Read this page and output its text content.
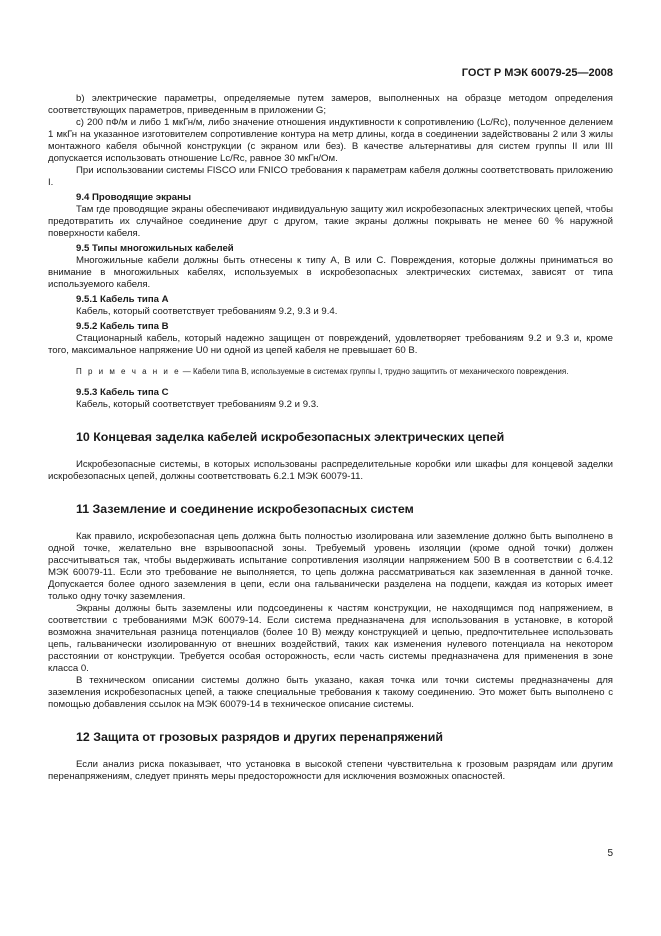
ГОСТ Р МЭК 60079-25—2008

b) электрические параметры, определяемые путем замеров, выполненных на образце методом определения соответствующих параметров, приведенным в приложении G;

c) 200 пФ/м и либо 1 мкГн/м, либо значение отношения индуктивности к сопротивлению (Lc/Rc), полученное делением 1 мкГн на указанное изготовителем сопротивление контура на метр длины, когда в соединении задействованы 2 или 3 жилы монтажного кабеля обычной конструкции (с экраном или без). В качестве альтернативы для систем группы II или III допускается использовать отношение Lc/Rc, равное 30 мкГн/Ом.

При использовании системы FISCO или FNICO требования к параметрам кабеля должны соответствовать приложению I.

9.4 Проводящие экраны

Там где проводящие экраны обеспечивают индивидуальную защиту жил искробезопасных электрических цепей, чтобы предотвратить их случайное соединение друг с другом, такие экраны должны покрывать не менее 60 % наружной поверхности кабеля.

9.5 Типы многожильных кабелей

Многожильные кабели должны быть отнесены к типу A, B или C. Повреждения, которые должны приниматься во внимание в многожильных кабелях, используемых в искробезопасных электрических системах, зависят от типа используемого кабеля.

9.5.1 Кабель типа A

Кабель, который соответствует требованиям 9.2, 9.3 и 9.4.

9.5.2 Кабель типа B

Стационарный кабель, который надежно защищен от повреждений, удовлетворяет требованиям 9.2 и 9.3 и, кроме того, максимальное напряжение U0 ни одной из цепей кабеля не превышает 60 В.

П р и м е ч а н и е — Кабели типа B, используемые в системах группы I, трудно защитить от механического повреждения.
9.5.3 Кабель типа C

Кабель, который соответствует требованиям 9.2 и 9.3.

10 Концевая заделка кабелей искробезопасных электрических цепей

Искробезопасные системы, в которых использованы распределительные коробки или шкафы для концевой заделки искробезопасных цепей, должны соответствовать 6.2.1 МЭК 60079-11.

11 Заземление и соединение искробезопасных систем

Как правило, искробезопасная цепь должна быть полностью изолирована или заземление должно быть выполнено в одной точке, желательно вне взрывоопасной зоны. Требуемый уровень изоляции (кроме одной точки) должен рассчитываться так, чтобы выдерживать испытание сопротивления изоляции напряжением 500 В в соответствии с 6.4.12 МЭК 60079-11. Если это требование не выполняется, то цепь должна рассматриваться как заземленная в данной точке. Допускается более одного заземления в цепи, если она гальванически разделена на подцепи, каждая из которых имеет только одну точку заземления.

Экраны должны быть заземлены или подсоединены к частям конструкции, не находящимся под напряжением, в соответствии с требованиями МЭК 60079-14. Если система предназначена для использования в установке, в которой возможна значительная разница потенциалов (более 10 В) между конструкцией и цепью, предпочтительнее использовать цепь, гальванически изолированную от внешних воздействий, таких как изменения нулевого потенциала на некотором расстоянии от конструкции. Требуется особая осторожность, если часть системы предназначена для применения в зоне класса 0.

В техническом описании системы должно быть указано, какая точка или точки системы предназначены для заземления искробезопасных цепей, а также специальные требования к такому соединению. Это может быть выполнено с помощью добавления ссылок на МЭК 60079-14 в техническое описание системы.

12 Защита от грозовых разрядов и других перенапряжений

Если анализ риска показывает, что установка в высокой степени чувствительна к грозовым разрядам или другим перенапряжениям, следует принять меры предосторожности для исключения возможных опасностей.

5
